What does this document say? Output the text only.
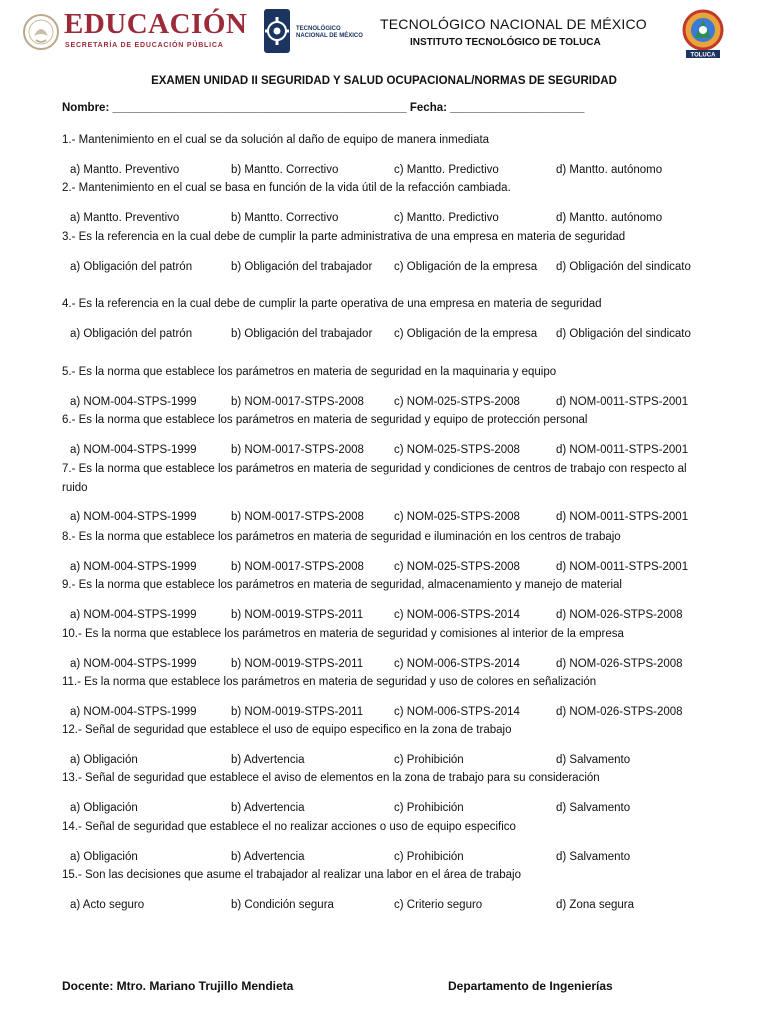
EDUCACIÓN
SECRETARÍA DE EDUCACIÓN PÚBLICA
TECNOLÓGICO
NACIONAL DE MÉXICO
TECNOLÓGICO NACIONAL DE MÉXICO
INSTITUTO TECNOLÓGICO DE TOLUCA
TOLUCA
EXAMEN UNIDAD II SEGURIDAD Y SALUD OCUPACIONAL/NORMAS DE SEGURIDAD
Nombre: ______________________________________________ Fecha: _____________________
1.- Mantenimiento en el cual se da solución al daño de equipo de manera inmediata
a) Mantto. Preventivo	b) Mantto. Correctivo	c) Mantto. Predictivo	d) Mantto. autónomo
2.- Mantenimiento en el cual se basa en función de la vida útil de la refacción cambiada.
a) Mantto. Preventivo	b) Mantto. Correctivo	c) Mantto. Predictivo	d) Mantto. autónomo
3.- Es la referencia en la cual debe de cumplir la parte administrativa de una empresa en materia de seguridad
a) Obligación del patrón	b) Obligación del trabajador	c) Obligación de la empresa	d) Obligación del sindicato
4.- Es la referencia en la cual debe de cumplir la parte operativa de una empresa en materia de seguridad
a) Obligación del patrón	b) Obligación del trabajador	c) Obligación de la empresa	d) Obligación del sindicato
5.- Es la norma que establece los parámetros en materia de seguridad en la maquinaria y equipo
a) NOM-004-STPS-1999	b) NOM-0017-STPS-2008	c) NOM-025-STPS-2008	d) NOM-0011-STPS-2001
6.- Es la norma que establece los parámetros en materia de seguridad y equipo de protección personal
a) NOM-004-STPS-1999	b) NOM-0017-STPS-2008	c) NOM-025-STPS-2008	d) NOM-0011-STPS-2001
7.- Es la norma que establece los parámetros en materia de seguridad y condiciones de centros de trabajo con respecto al ruido
a) NOM-004-STPS-1999	b) NOM-0017-STPS-2008	c) NOM-025-STPS-2008	d) NOM-0011-STPS-2001
8.- Es la norma que establece los parámetros en materia de seguridad e iluminación en los centros de trabajo
a) NOM-004-STPS-1999	b) NOM-0017-STPS-2008	c) NOM-025-STPS-2008	d) NOM-0011-STPS-2001
9.- Es la norma que establece los parámetros en materia de seguridad, almacenamiento y manejo de material
a) NOM-004-STPS-1999	b) NOM-0019-STPS-2011	c) NOM-006-STPS-2014	d) NOM-026-STPS-2008
10.- Es la norma que establece los parámetros en materia de seguridad y comisiones al interior de la empresa
a) NOM-004-STPS-1999	b) NOM-0019-STPS-2011	c) NOM-006-STPS-2014	d) NOM-026-STPS-2008
11.- Es la norma que establece los parámetros en materia de seguridad y uso de colores en señalización
a) NOM-004-STPS-1999	b) NOM-0019-STPS-2011	c) NOM-006-STPS-2014	d) NOM-026-STPS-2008
12.- Señal de seguridad que establece el uso de equipo especifico en la zona de trabajo
a) Obligación	b) Advertencia	c) Prohibición	d) Salvamento
13.- Señal de seguridad que establece el aviso de elementos en la zona de trabajo para su consideración
a) Obligación	b) Advertencia	c) Prohibición	d) Salvamento
14.- Señal de seguridad que establece el no realizar acciones o uso de equipo especifico
a) Obligación	b) Advertencia	c) Prohibición	d) Salvamento
15.- Son las decisiones que asume el trabajador al realizar una labor en el área de trabajo
a) Acto seguro	b) Condición segura	c) Criterio seguro	d) Zona segura
Docente: Mtro. Mariano Trujillo Mendieta	Departamento de Ingenierías
